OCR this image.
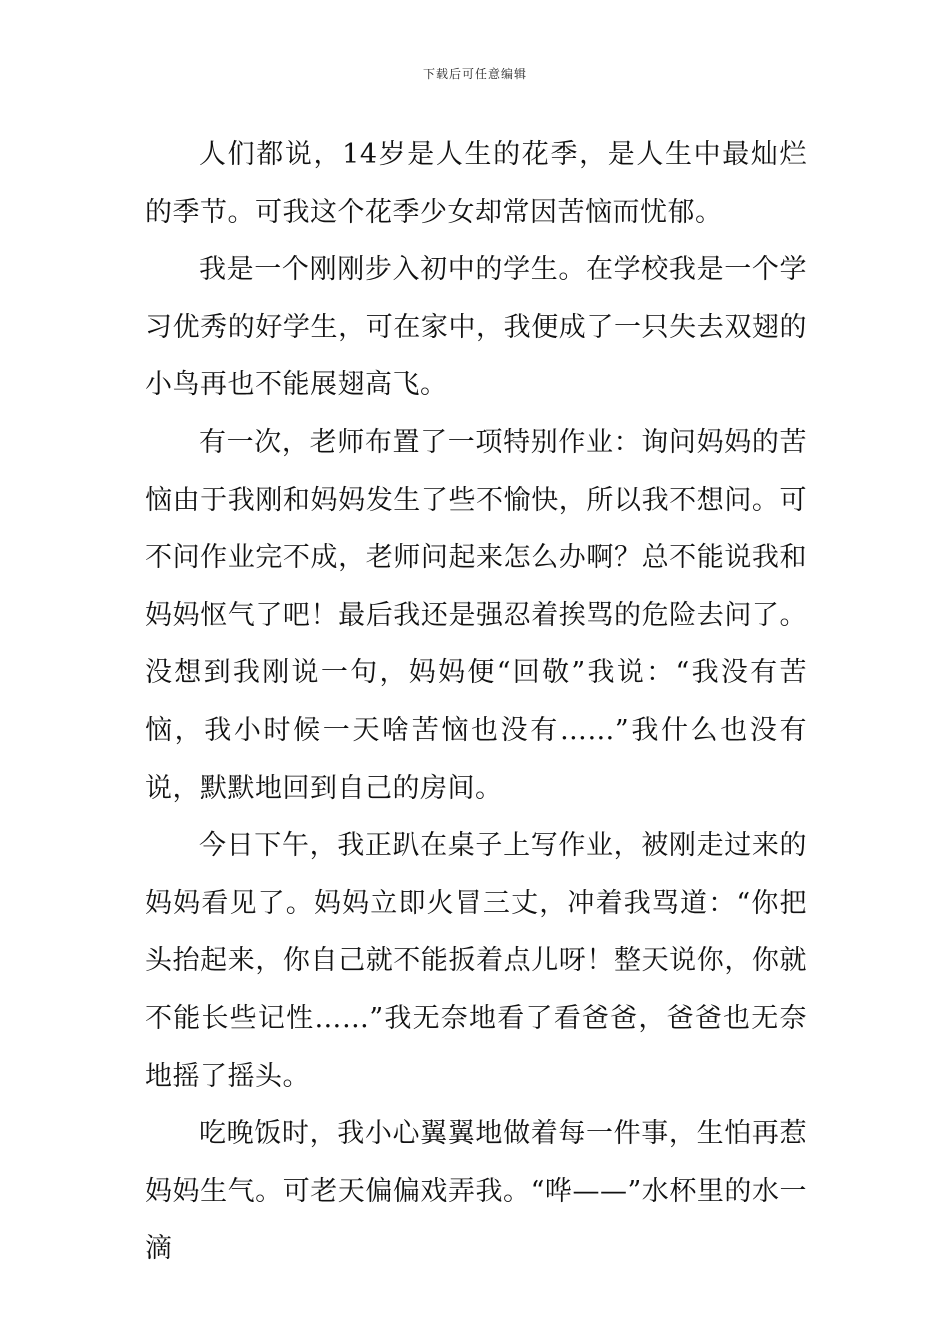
下载后可任意编辑

人们都说，14岁是人生的花季，是人生中最灿烂的季节。可我这个花季少女却常因苦恼而忧郁。

我是一个刚刚步入初中的学生。在学校我是一个学习优秀的好学生，可在家中，我便成了一只失去双翅的小鸟再也不能展翅高飞。

有一次，老师布置了一项特别作业：询问妈妈的苦恼由于我刚和妈妈发生了些不愉快，所以我不想问。可不问作业完不成，老师问起来怎么办啊？总不能说我和妈妈怄气了吧！最后我还是强忍着挨骂的危险去问了。没想到我刚说一句，妈妈便“回敬”我说：“我没有苦恼，我小时候一天啥苦恼也没有……”我什么也没有说，默默地回到自己的房间。

今日下午，我正趴在桌子上写作业，被刚走过来的妈妈看见了。妈妈立即火冒三丈，冲着我骂道：“你把头抬起来，你自己就不能扳着点儿呀！整天说你，你就不能长些记性……”我无奈地看了看爸爸，爸爸也无奈地摇了摇头。

吃晚饭时，我小心翼翼地做着每一件事，生怕再惹妈妈生气。可老天偏偏戏弄我。“哗——”水杯里的水一滴
